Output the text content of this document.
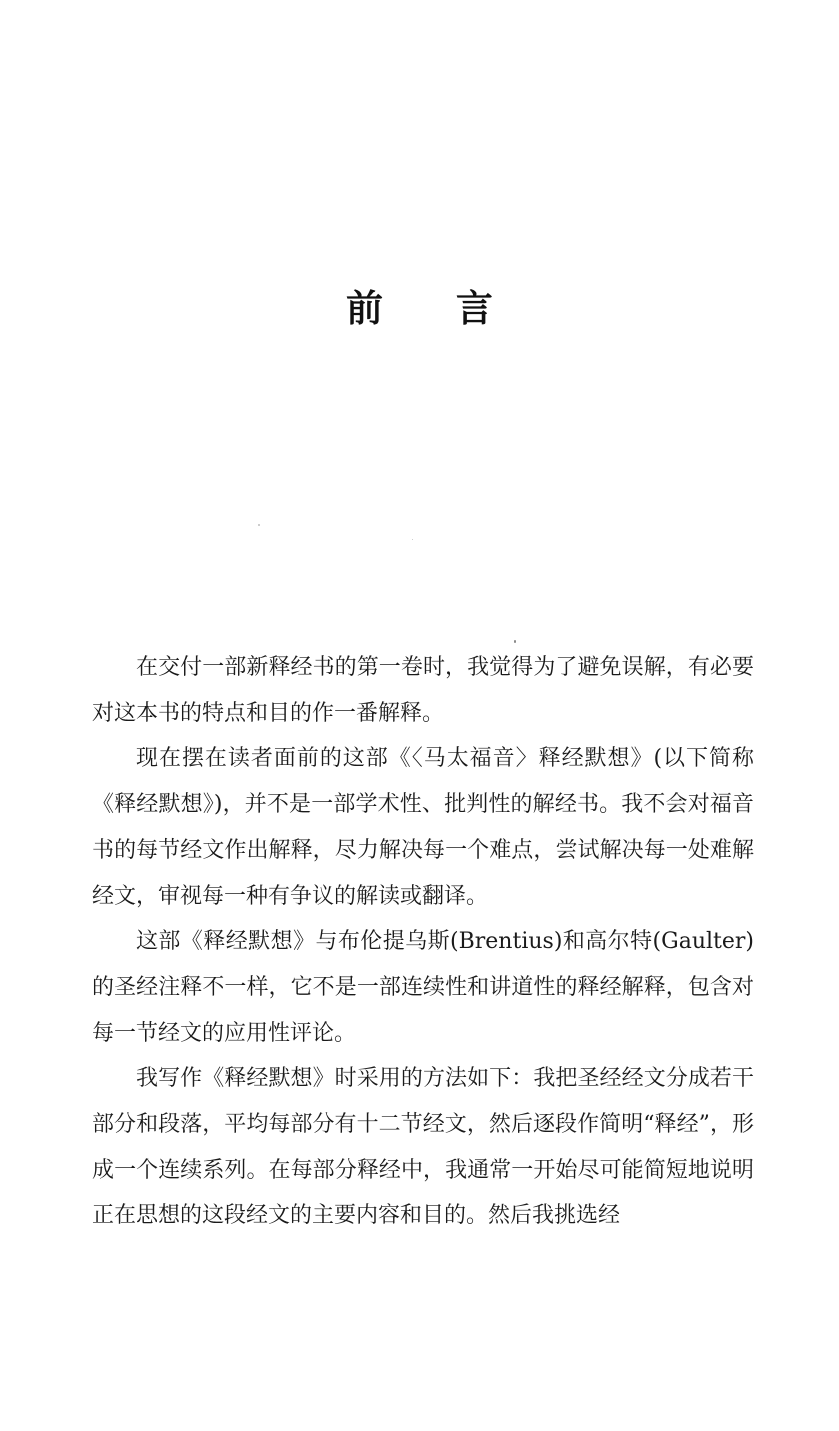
前 言

在交付一部新释经书的第一卷时，我觉得为了避免误解，有必要对这本书的特点和目的作一番解释。

现在摆在读者面前的这部《〈马太福音〉释经默想》(以下简称《释经默想》)，并不是一部学术性、批判性的解经书。我不会对福音书的每节经文作出解释，尽力解决每一个难点，尝试解决每一处难解经文，审视每一种有争议的解读或翻译。

这部《释经默想》与布伦提乌斯(Brentius)和高尔特(Gaulter)的圣经注释不一样，它不是一部连续性和讲道性的释经解释，包含对每一节经文的应用性评论。

我写作《释经默想》时采用的方法如下：我把圣经经文分成若干部分和段落，平均每部分有十二节经文，然后逐段作简明“释经”，形成一个连续系列。在每部分释经中，我通常一开始尽可能简短地说明正在思想的这段经文的主要内容和目的。然后我挑选经
